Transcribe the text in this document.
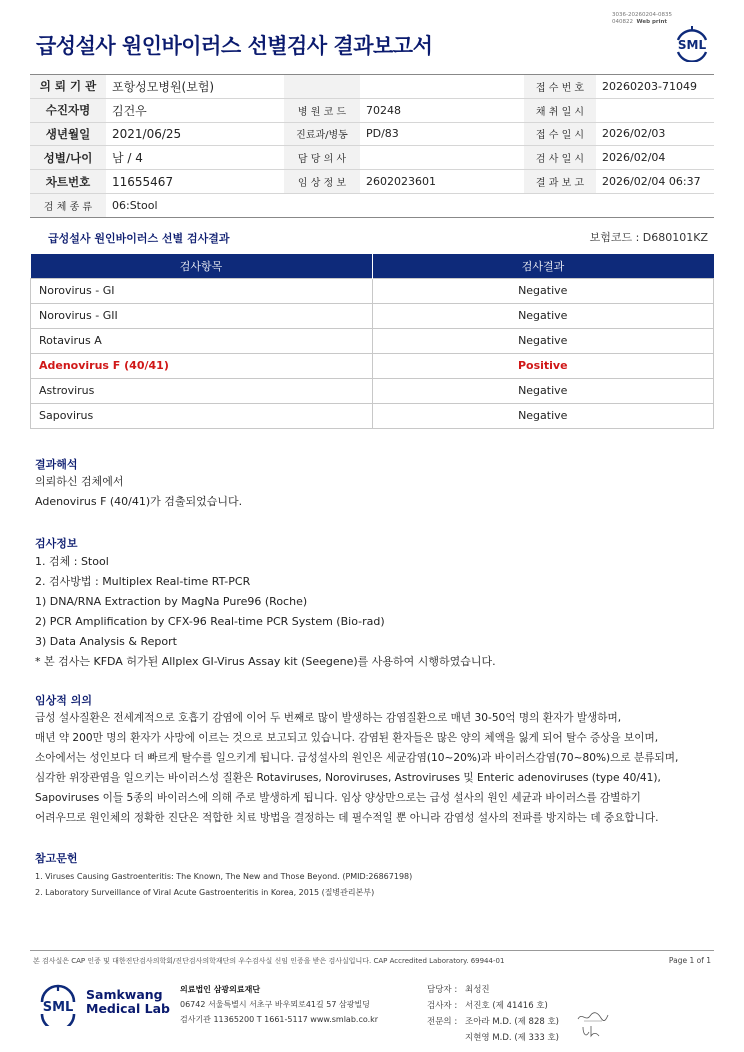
3036-20260204-0835
040822 Web print
급성설사 원인바이러스 선별검사 결과보고서	SML
의 뢰 기 관	포항성모병원(보험)			접 수 번 호	20260203-71049
수진자명	김건우	병 원 코 드	70248	채 취 일 시	
생년월일	2021/06/25	진료과/병동	PD/83	접 수 일 시	2026/02/03
성별/나이	남 / 4	담 당 의 사		검 사 일 시	2026/02/04
차트번호	11655467	임 상 정 보	2602023601	결 과 보 고	2026/02/04 06:37
검 체 종 류	06:Stool				
급성설사 원인바이러스 선별 검사결과	보험코드 : D680101KZ
검사항목	검사결과
Norovirus - GI	Negative
Norovirus - GII	Negative
Rotavirus A	Negative
Adenovirus F (40/41)	Positive
Astrovirus	Negative
Sapovirus	Negative
결과해석
의뢰하신 검체에서
Adenovirus F (40/41)가 검출되었습니다.
검사정보
1. 검체 : Stool
2. 검사방법 : Multiplex Real-time RT-PCR
1) DNA/RNA Extraction by MagNa Pure96 (Roche)
2) PCR Amplification by CFX-96 Real-time PCR System (Bio-rad)
3) Data Analysis & Report
* 본 검사는 KFDA 허가된 Allplex GI-Virus Assay kit (Seegene)를 사용하여 시행하였습니다.
임상적 의의
급성 설사질환은 전세계적으로 호흡기 감염에 이어 두 번째로 많이 발생하는 감염질환으로 매년 30-50억 명의 환자가 발생하며,
매년 약 200만 명의 환자가 사망에 이르는 것으로 보고되고 있습니다. 감염된 환자들은 많은 양의 체액을 잃게 되어 탈수 증상을 보이며,
소아에서는 성인보다 더 빠르게 탈수를 일으키게 됩니다. 급성설사의 원인은 세균감염(10~20%)과 바이러스감염(70~80%)으로 분류되며,
심각한 위장관염을 일으키는 바이러스성 질환은 Rotaviruses, Noroviruses, Astroviruses 및 Enteric adenoviruses (type 40/41),
Sapoviruses 이들 5종의 바이러스에 의해 주로 발생하게 됩니다. 임상 양상만으로는 급성 설사의 원인 세균과 바이러스를 감별하기
어려우므로 원인체의 정확한 진단은 적합한 치료 방법을 결정하는 데 필수적일 뿐 아니라 감염성 설사의 전파를 방지하는 데 중요합니다.
참고문헌
1. Viruses Causing Gastroenteritis: The Known, The New and Those Beyond. (PMID:26867198)
2. Laboratory Surveillance of Viral Acute Gastroenteritis in Korea, 2015 (질병관리본부)
본 검사실은 CAP 인증 및 대한진단검사의학회/진단검사의학재단의 우수검사실 신임 인증을 받은 검사실입니다. CAP Accredited Laboratory. 69944-01	Page 1 of 1
SML
Samkwang
Medical Lab
의료법인 삼광의료재단
06742 서울특별시 서초구 바우뫼로41길 57 삼광빌딩
검사기관 11365200 T 1661-5117 www.smlab.co.kr
담당자 : 최성진
검사자 : 서진호 (제 41416 호)
전문의 : 조아라 M.D. (제 828 호)
지현영 M.D. (제 333 호)
